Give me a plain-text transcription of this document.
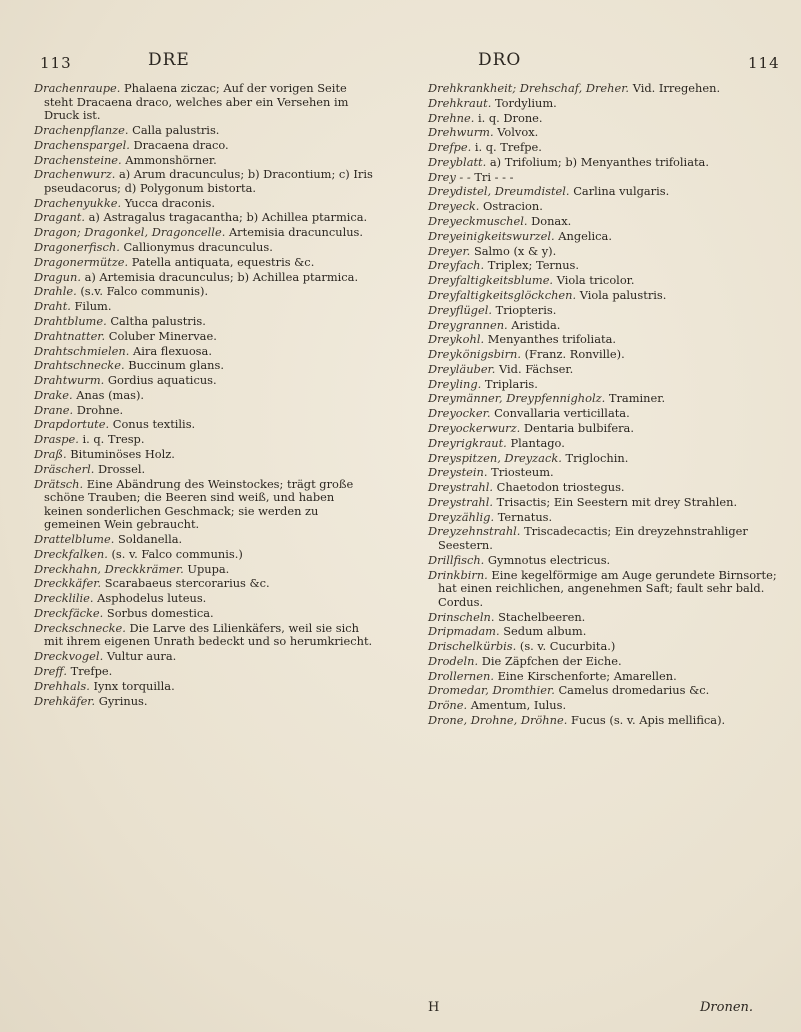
113	DRE	DRO	114
Drachenraupe. Phalaena ziczac; Auf der vorigen Seite steht Dracaena draco, welches aber ein Versehen im Druck ist.
Drachenpflanze. Calla palustris.
Drachenspargel. Dracaena draco.
Drachensteine. Ammonshörner.
Drachenwurz. a) Arum dracunculus; b) Dracontium; c) Iris pseudacorus; d) Polygonum bistorta.
Drachenyukke. Yucca draconis.
Dragant. a) Astragalus tragacantha; b) Achillea ptarmica.
Dragon; Dragonkel, Dragoncelle. Artemisia dracunculus.
Dragonerfisch. Callionymus dracunculus.
Dragonermütze. Patella antiquata, equestris &c.
Dragun. a) Artemisia dracunculus; b) Achillea ptarmica.
Drahle. (s.v. Falco communis).
Draht. Filum.
Drahtblume. Caltha palustris.
Drahtnatter. Coluber Minervae.
Drahtschmielen. Aira flexuosa.
Drahtschnecke. Buccinum glans.
Drahtwurm. Gordius aquaticus.
Drake. Anas (mas).
Drane. Drohne.
Drapdortute. Conus textilis.
Draspe. i. q. Tresp.
Draß. Bituminöses Holz.
Dräscherl. Drossel.
Drätsch. Eine Abändrung des Weinstockes; trägt große schöne Trauben; die Beeren sind weiß, und haben keinen sonderlichen Geschmack; sie werden zu gemeinen Wein gebraucht.
Drattelblume. Soldanella.
Dreckfalken. (s. v. Falco communis.)
Dreckhahn, Dreckkrämer. Upupa.
Dreckkäfer. Scarabaeus stercorarius &c.
Drecklilie. Asphodelus luteus.
Dreckfäcke. Sorbus domestica.
Dreckschnecke. Die Larve des Lilienkäfers, weil sie sich mit ihrem eigenen Unrath bedeckt und so herumkriecht.
Dreckvogel. Vultur aura.
Dreff. Trefpe.
Drehhals. Iynx torquilla.
Drehkäfer. Gyrinus.
Drehkrankheit; Drehschaf, Dreher. Vid. Irregehen.
Drehkraut. Tordylium.
Drehne. i. q. Drone.
Drehwurm. Volvox.
Drefpe. i. q. Trefpe.
Dreyblatt. a) Trifolium; b) Menyanthes trifoliata.
Drey - - Tri - - -
Dreydistel, Dreumdistel. Carlina vulgaris.
Dreyeck. Ostracion.
Dreyeckmuschel. Donax.
Dreyeinigkeitswurzel. Angelica.
Dreyer. Salmo (x & y).
Dreyfach. Triplex; Ternus.
Dreyfaltigkeitsblume. Viola tricolor.
Dreyfaltigkeitsglöckchen. Viola palustris.
Dreyflügel. Triopteris.
Dreygrannen. Aristida.
Dreykohl. Menyanthes trifoliata.
Dreykönigsbirn. (Franz. Ronville).
Dreyläuber. Vid. Fächser.
Dreyling. Triplaris.
Dreymänner, Dreypfennigholz. Traminer.
Dreyocker. Convallaria verticillata.
Dreyockerwurz. Dentaria bulbifera.
Dreyrigkraut. Plantago.
Dreyspitzen, Dreyzack. Triglochin.
Dreystein. Triosteum.
Dreystrahl. Chaetodon triostegus.
Dreystrahl. Trisactis; Ein Seestern mit drey Strahlen.
Dreyzählig. Ternatus.
Dreyzehnstrahl. Triscadecactis; Ein dreyzehnstrahliger Seestern.
Drillfisch. Gymnotus electricus.
Drinkbirn. Eine kegelförmige am Auge gerundete Birnsorte; hat einen reichlichen, angenehmen Saft; fault sehr bald. Cordus.
Drinscheln. Stachelbeeren.
Dripmadam. Sedum album.
Drischelkürbis. (s. v. Cucurbita.)
Drodeln. Die Zäpfchen der Eiche.
Drollernen. Eine Kirschenforte; Amarellen.
Dromedar, Dromthier. Camelus dromedarius &c.
Dröne. Amentum, Iulus.
Drone, Drohne, Dröhne. Fucus (s. v. Apis mellifica).
H	Dronen.
